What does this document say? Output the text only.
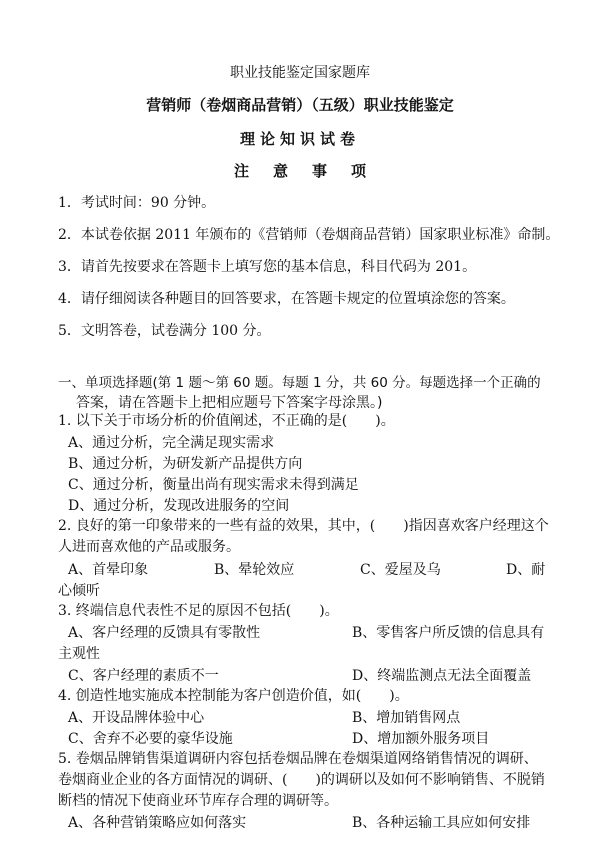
职业技能鉴定国家题库
营销师（卷烟商品营销）（五级）职业技能鉴定
理论知识试卷
注 意 事 项
1．考试时间：90 分钟。
2．本试卷依据 2011 年颁布的《营销师（卷烟商品营销）国家职业标准》命制。
3．请首先按要求在答题卡上填写您的基本信息，科目代码为 201。
4．请仔细阅读各种题目的回答要求，在答题卡规定的位置填涂您的答案。
5．文明答卷，试卷满分 100 分。
一、单项选择题(第 1 题～第 60 题。每题 1 分，共 60 分。每题选择一个正确的
答案，请在答题卡上把相应题号下答案字母涂黑。)
1. 以下关于市场分析的价值阐述，不正确的是(　　)。
A、通过分析，完全满足现实需求
B、通过分析，为研发新产品提供方向
C、通过分析，衡量出尚有现实需求未得到满足
D、通过分析，发现改进服务的空间
2. 良好的第一印象带来的一些有益的效果，其中，(　　)指因喜欢客户经理这个
人进而喜欢他的产品或服务。
A、首晕印象	B、晕轮效应	C、爱屋及乌	D、耐
心倾听
3. 终端信息代表性不足的原因不包括(　　)。
A、客户经理的反馈具有零散性	B、零售客户所反馈的信息具有
主观性
C、客户经理的素质不一	D、终端监测点无法全面覆盖
4. 创造性地实施成本控制能为客户创造价值，如(　　)。
A、开设品牌体验中心	B、增加销售网点
C、舍弃不必要的豪华设施	D、增加额外服务项目
5. 卷烟品牌销售渠道调研内容包括卷烟品牌在卷烟渠道网络销售情况的调研、
卷烟商业企业的各方面情况的调研、(　　)的调研以及如何不影响销售、不脱销
断档的情况下使商业环节库存合理的调研等。
A、各种营销策略应如何落实	B、各种运输工具应如何安排
